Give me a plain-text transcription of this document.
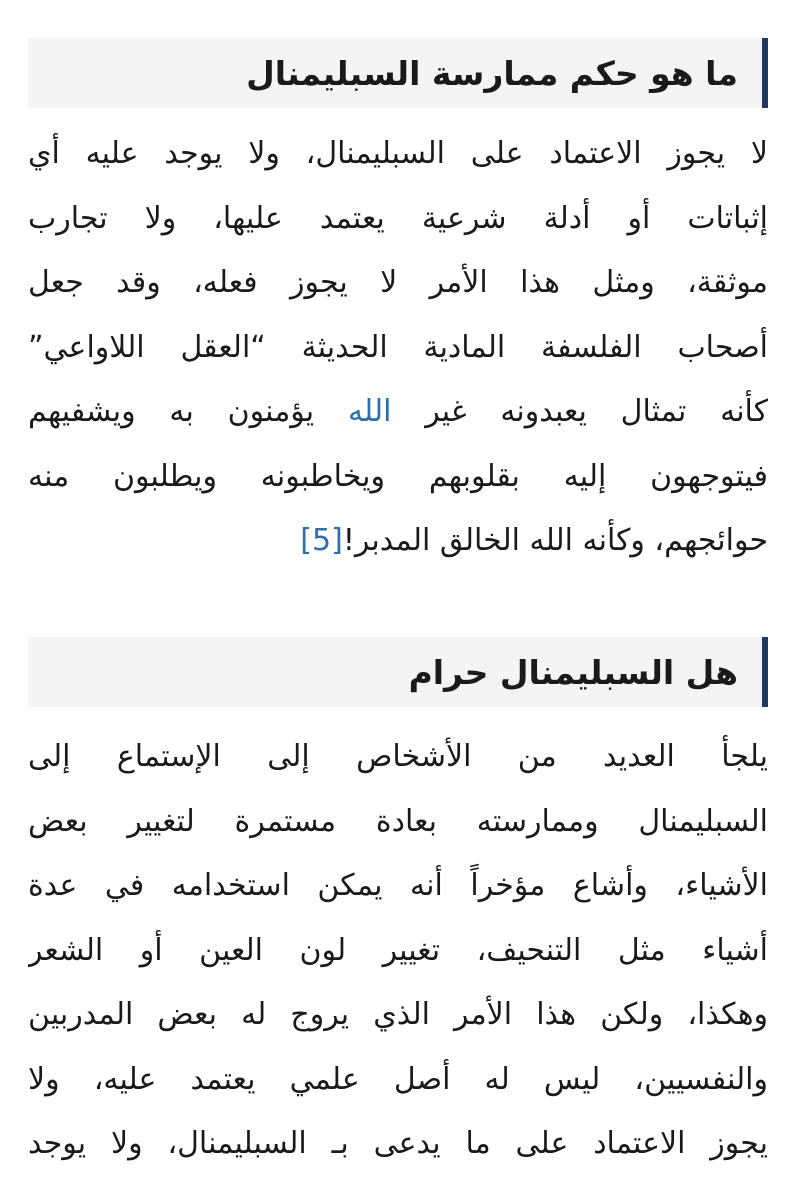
ما هو حكم ممارسة السبليمنال
لا يجوز الاعتماد على السبليمنال، ولا يوجد عليه أي
إثباتات أو أدلة شرعية يعتمد عليها، ولا تجارب
موثقة، ومثل هذا الأمر لا يجوز فعله، وقد جعل
أصحاب الفلسفة المادية الحديثة “العقل اللاواعي”
كأنه تمثال يعبدونه غير الله يؤمنون به ويشفيهم
فيتوجهون إليه بقلوبهم ويخاطبونه ويطلبون منه
حوائجهم، وكأنه الله الخالق المدبر![5]
هل السبليمنال حرام
يلجأ العديد من الأشخاص إلى الإستماع إلى
السبليمنال وممارسته بعادة مستمرة لتغيير بعض
الأشياء، وأشاع مؤخراً أنه يمكن استخدامه في عدة
أشياء مثل التنحيف، تغيير لون العين أو الشعر
وهكذا، ولكن هذا الأمر الذي يروج له بعض المدربين
والنفسيين، ليس له أصل علمي يعتمد عليه، ولا
يجوز الاعتماد على ما يدعى بـ السبليمنال، ولا يوجد
